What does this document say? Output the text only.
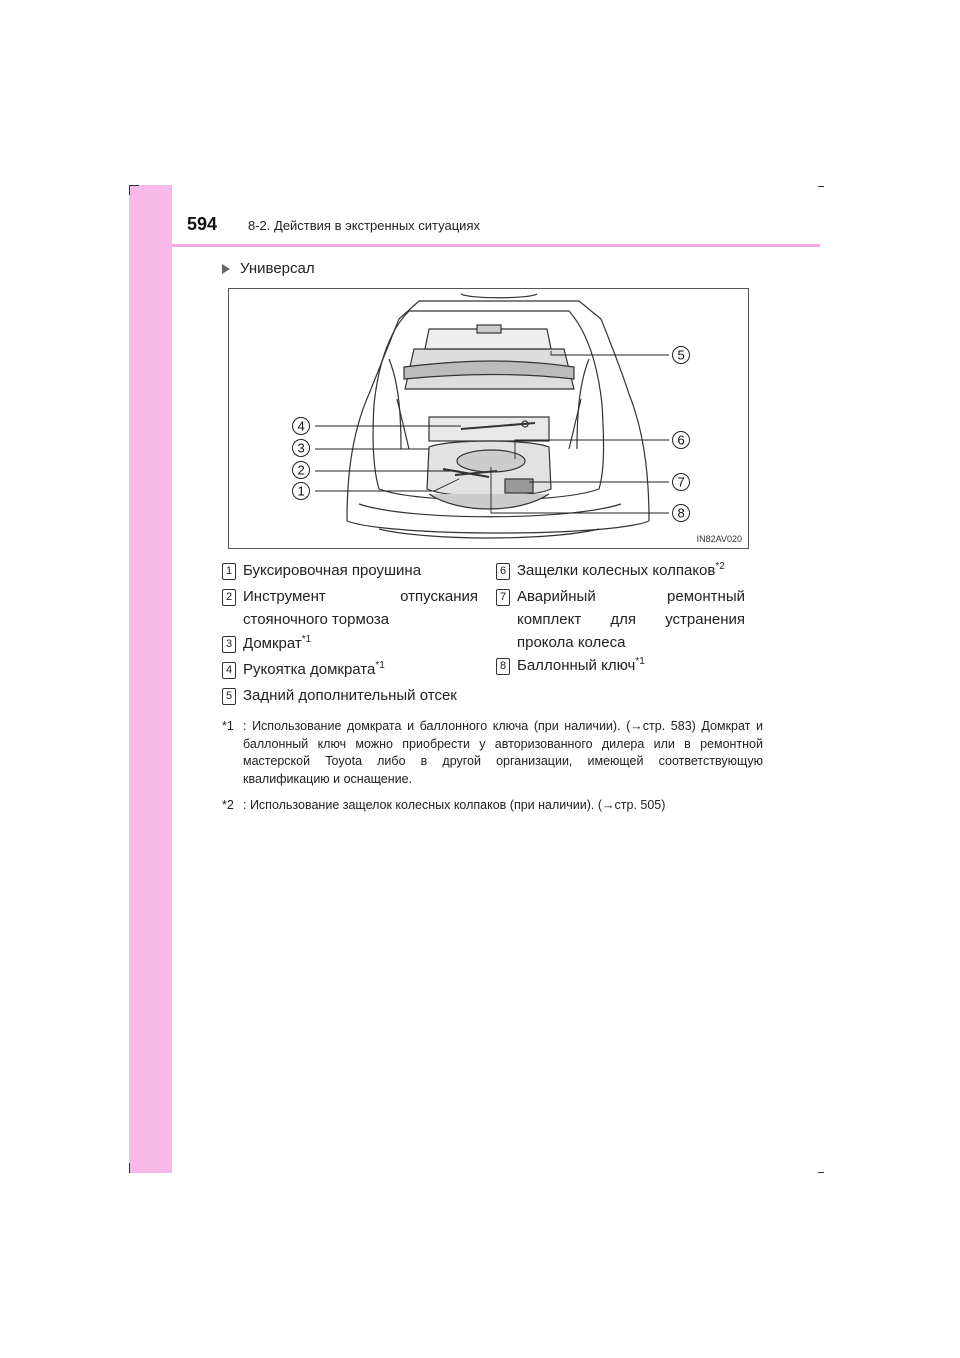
594 8-2. Действия в экстренных ситуациях
Универсал
1
2
3
4
5
6
7
8
IN82AV020
1 Буксировочная проушина
2 Инструмент отпускания стояночного тормоза
3 Домкрат$^{*1}$
4 Рукоятка домкрата$^{*1}$
5 Задний дополнительный отсек
6 Защелки колесных колпаков$^{*2}$
7 Аварийный ремонтный комплект для устранения прокола колеса
8 Баллонный ключ$^{*1}$
*1 : Использование домкрата и баллонного ключа (при наличии). (→стр. 583) Домкрат и баллонный ключ можно приобрести у авторизованного дилера или в ремонтной мастерской Toyota либо в другой организации, имеющей соответствующую квалификацию и оснащение.
*2 : Использование защелок колесных колпаков (при наличии). (→стр. 505)
